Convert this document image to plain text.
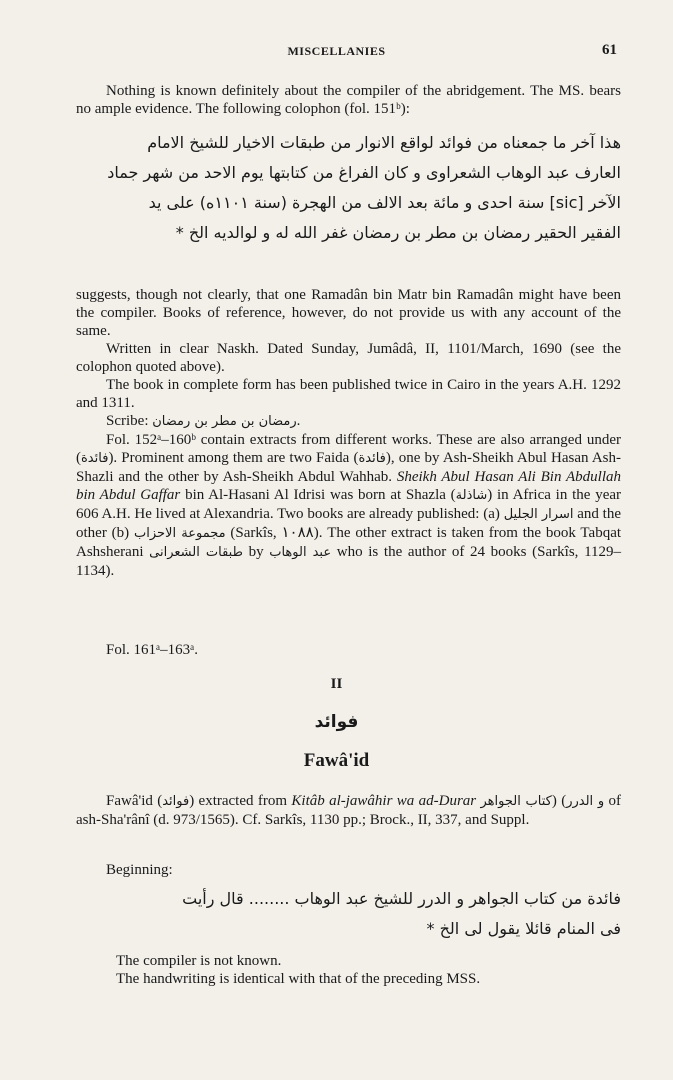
MISCELLANIES	61

Nothing is known definitely about the compiler of the abridgement. The MS. bears no ample evidence. The following colophon (fol. 151ᵇ):

هذا آخر ما جمعناه من فوائد لواقع الانوار من طبقات الاخيار للشيخ الامام
العارف عبد الوهاب الشعراوى و كان الفراغ من كتابتها يوم الاحد من شهر جماد
الآخر [sic] سنة احدى و مائة بعد الالف من الهجرة (سنة ۱۱۰۱ه) على يد
الفقير الحقير رمضان بن مطر بن رمضان غفر الله له و لوالديه الخ *

suggests, though not clearly, that one Ramadân bin Matr bin Ramadân might have been the compiler. Books of reference, however, do not provide us with any account of the same.

Written in clear Naskh. Dated Sunday, Jumâdâ, II, 1101/March, 1690 (see the colophon quoted above).

The book in complete form has been published twice in Cairo in the years A.H. 1292 and 1311.

Scribe: رمضان بن مطر بن رمضان.

Fol. 152ᵃ–160ᵇ contain extracts from different works. These are also arranged under (فائدة). Prominent among them are two Faida (فائدة), one by Ash-Sheikh Abul Hasan Ash-Shazli and the other by Ash-Sheikh Abdul Wahhab. Sheikh Abul Hasan Ali Bin Abdullah bin Abdul Gaffar bin Al-Hasani Al Idrisi was born at Shazla (شاذلة) in Africa in the year 606 A.H. He lived at Alexandria. Two books are already published: (a) اسرار الجليل and the other (b) مجموعة الاحزاب (Sarkîs, ۱۰۸۸). The other extract is taken from the book Tabqat Ashsherani طبقات الشعرانى by عبد الوهاب who is the author of 24 books (Sarkîs, 1129–1134).

Fol. 161ᵃ–163ᵃ.
II
فوائد
Fawâ'id

Fawâ'id (فوائد) extracted from Kitâb al-jawâhir wa ad-Durar كتاب الجواهر) (و الدرر of ash-Sha'rânî (d. 973/1565). Cf. Sarkîs, 1130 pp.; Brock., II, 337, and Suppl.

Beginning:
فائدة من كتاب الجواهر و الدرر للشيخ عبد الوهاب ........ قال رأيت
فى المنام قائلا يقول لى الخ *

The compiler is not known.

The handwriting is identical with that of the preceding MSS.
